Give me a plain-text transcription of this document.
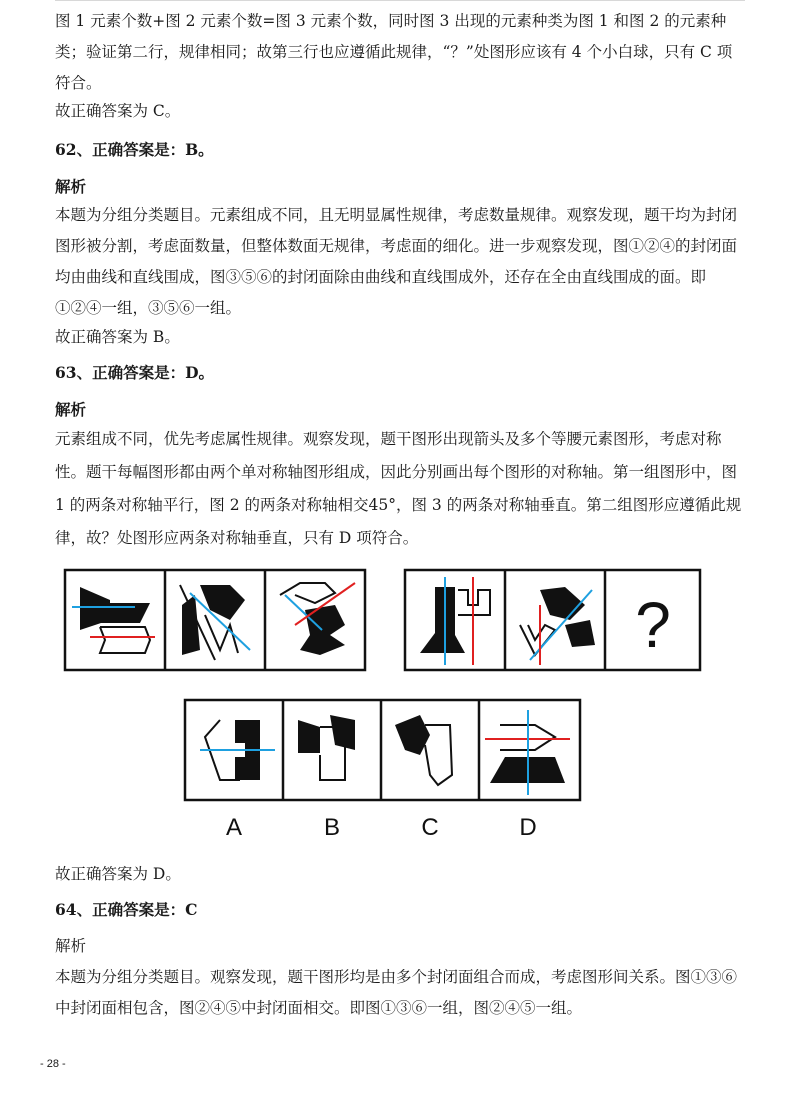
图 1 元素个数+图 2 元素个数=图 3 元素个数，同时图 3 出现的元素种类为图 1 和图 2 的元素种类；验证第二行，规律相同；故第三行也应遵循此规律，“？”处图形应该有 4 个小白球，只有 C 项符合。

故正确答案为 C。
62、正确答案是：B。
解析

本题为分组分类题目。元素组成不同，且无明显属性规律，考虑数量规律。观察发现，题干均为封闭图形被分割，考虑面数量，但整体数面无规律，考虑面的细化。进一步观察发现，图①②④的封闭面均由曲线和直线围成，图③⑤⑥的封闭面除由曲线和直线围成外，还存在全由直线围成的面。即①②④一组，③⑤⑥一组。

故正确答案为 B。
63、正确答案是：D。
解析

元素组成不同，优先考虑属性规律。观察发现，题干图形出现箭头及多个等腰元素图形，考虑对称性。题干每幅图形都由两个单对称轴图形组成，因此分别画出每个图形的对称轴。第一组图形中，图 1 的两条对称轴平行，图 2 的两条对称轴相交45°，图 3 的两条对称轴垂直。第二组图形应遵循此规律，故？处图形应两条对称轴垂直，只有 D 项符合。

?
A	B	C	D
故正确答案为 D。
64、正确答案是：C
解析

本题为分组分类题目。观察发现，题干图形均是由多个封闭面组合而成，考虑图形间关系。图①③⑥中封闭面相包含，图②④⑤中封闭面相交。即图①③⑥一组，图②④⑤一组。

- 28 -
